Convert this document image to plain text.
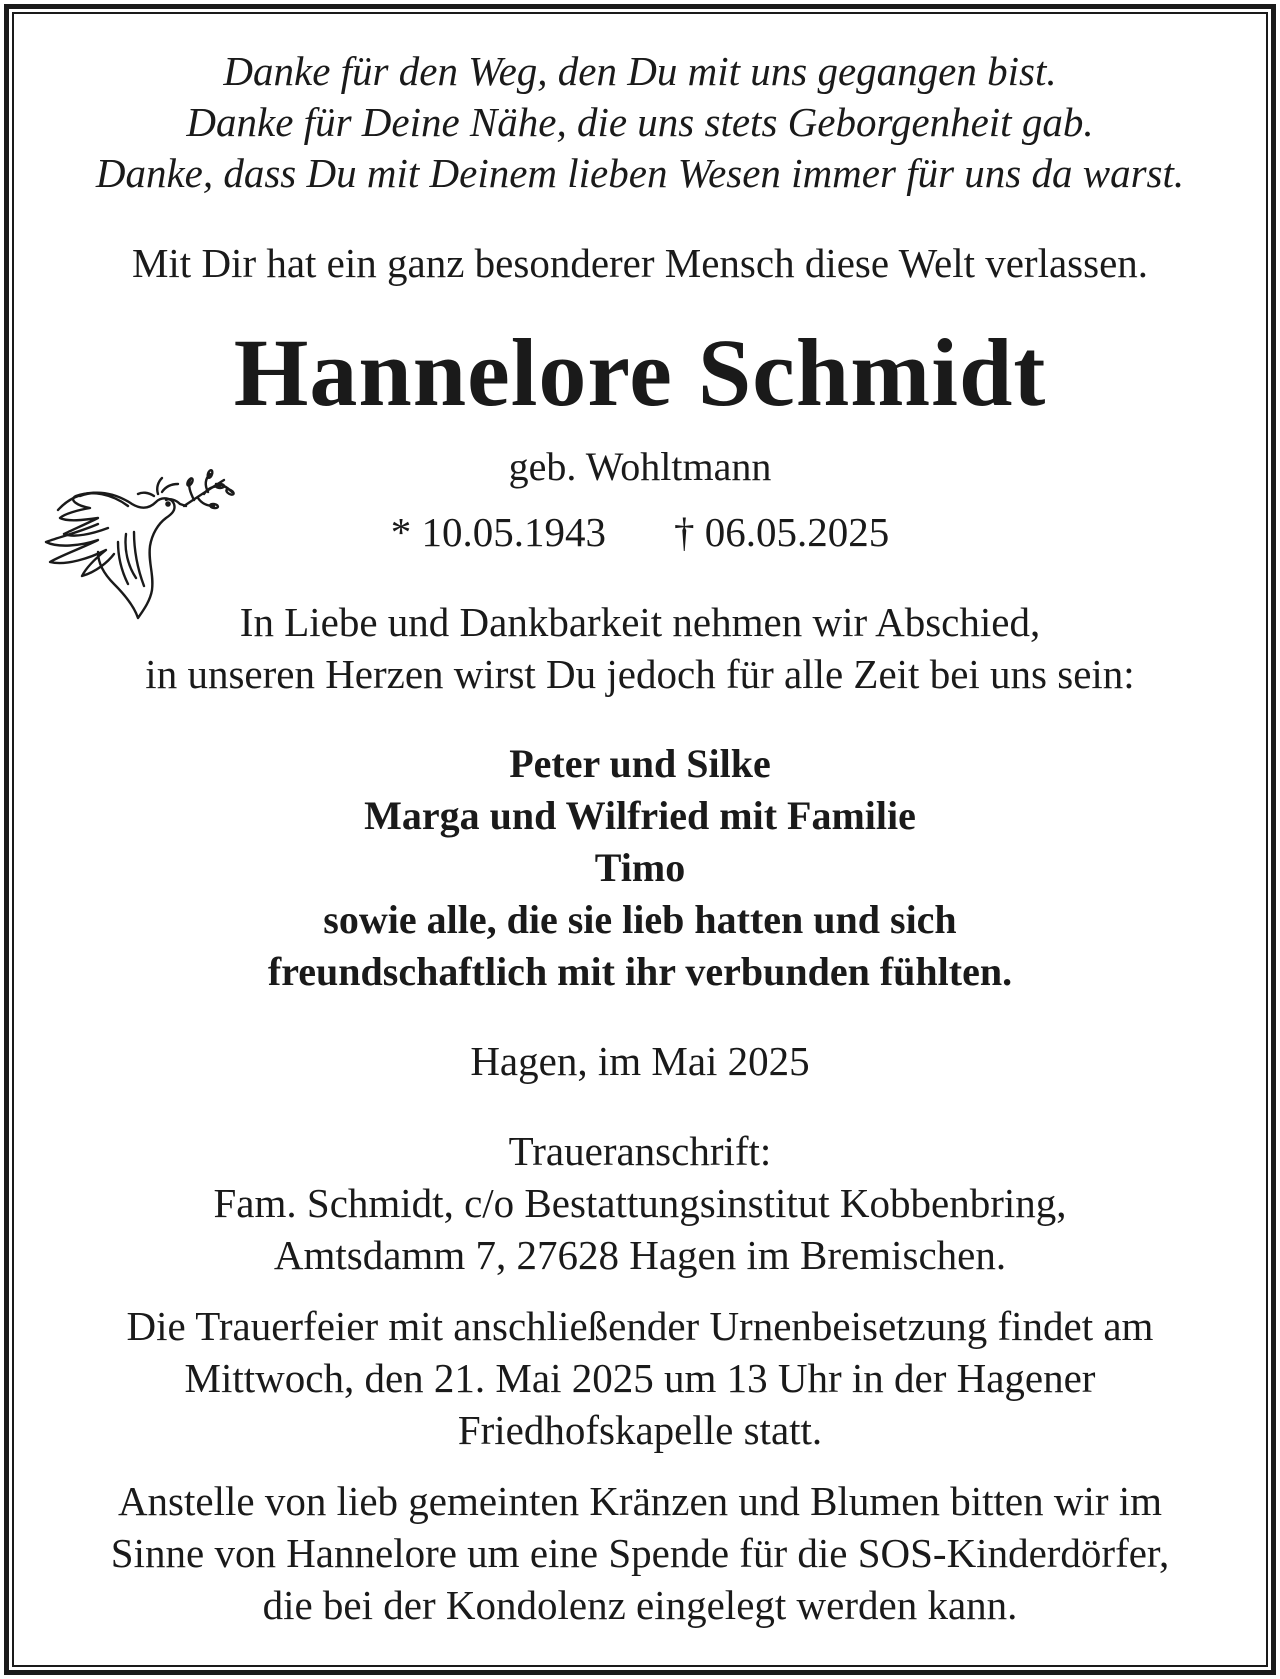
Danke für den Weg, den Du mit uns gegangen bist.
Danke für Deine Nähe, die uns stets Geborgenheit gab.
Danke, dass Du mit Deinem lieben Wesen immer für uns da warst.
Mit Dir hat ein ganz besonderer Mensch diese Welt verlassen.
Hannelore Schmidt
geb. Wohltmann
* 10.05.1943 † 06.05.2025
In Liebe und Dankbarkeit nehmen wir Abschied,
in unseren Herzen wirst Du jedoch für alle Zeit bei uns sein:
Peter und Silke
Marga und Wilfried mit Familie
Timo
sowie alle, die sie lieb hatten und sich
freundschaftlich mit ihr verbunden fühlten.
Hagen, im Mai 2025
Traueranschrift:
Fam. Schmidt, c/o Bestattungsinstitut Kobbenbring,
Amtsdamm 7, 27628 Hagen im Bremischen.
Die Trauerfeier mit anschließender Urnenbeisetzung findet am
Mittwoch, den 21. Mai 2025 um 13 Uhr in der Hagener
Friedhofskapelle statt.
Anstelle von lieb gemeinten Kränzen und Blumen bitten wir im
Sinne von Hannelore um eine Spende für die SOS-Kinderdörfer,
die bei der Kondolenz eingelegt werden kann.
